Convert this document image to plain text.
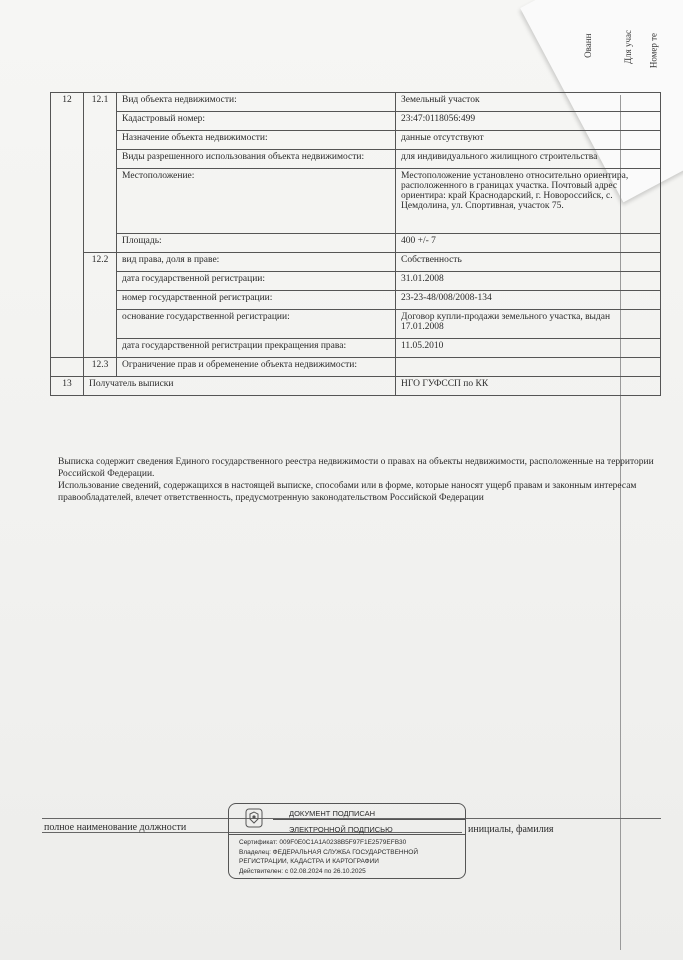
Ованн	Для учас Номер те
12	12.1	Вид объекта недвижимости:	Земельный участок
		Кадастровый номер:	23:47:0118056:499
		Назначение объекта недвижимости:	данные отсутствуют
		Виды разрешенного использования объекта недвижимости:	для индивидуального жилищного строительства
		Местоположение:	Местоположение установлено относительно ориентира, расположенного в границах участка. Почтовый адрес ориентира: край Краснодарский, г. Новороссийск, с. Цемдолина, ул. Спортивная, участок 75.
		Площадь:	400 +/- 7
	12.2	вид права, доля в праве:	Собственность
		дата государственной регистрации:	31.01.2008
		номер государственной регистрации:	23-23-48/008/2008-134
		основание государственной регистрации:	Договор купли-продажи земельного участка, выдан 17.01.2008
		дата государственной регистрации прекращения права:	11.05.2010
	12.3	Ограничение прав и обременение объекта недвижимости:	
13	Получатель выписки		НГО ГУФССП по КК
Выписка содержит сведения Единого государственного реестра недвижимости о правах на объекты недвижимости, расположенные на территории Российской Федерации.
Использование сведений, содержащихся в настоящей выписке, способами или в форме, которые наносят ущерб правам и законным интересам правообладателей, влечет ответственность, предусмотренную законодательством Российской Федерации
полное наименование должности	инициалы, фамилия
ДОКУМЕНТ ПОДПИСАН
ЭЛЕКТРОННОЙ ПОДПИСЬЮ
Сертификат: 009F0E0C1A1A0238B5F97F1E2579EFB30
Владелец: ФЕДЕРАЛЬНАЯ СЛУЖБА ГОСУДАРСТВЕННОЙ
РЕГИСТРАЦИИ, КАДАСТРА И КАРТОГРАФИИ
Действителен: с 02.08.2024 по 26.10.2025
